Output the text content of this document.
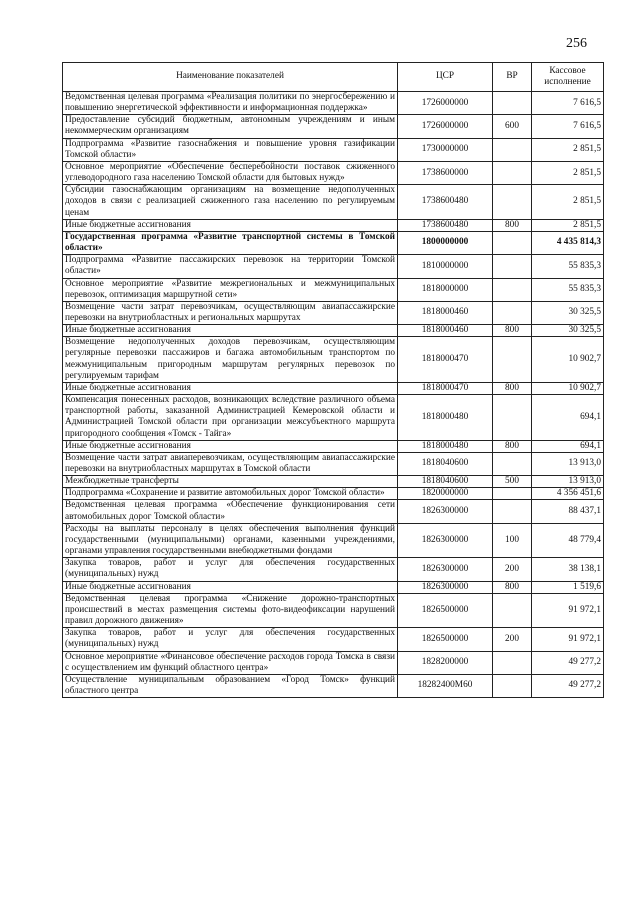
256
Наименование показателей	ЦСР	ВР	Кассовое исполнение
Ведомственная целевая программа «Реализация политики по энергосбережению и повышению энергетической эффективности и информационная поддержка»	1726000000		7 616,5
Предоставление субсидий бюджетным, автономным учреждениям и иным некоммерческим организациям	1726000000	600	7 616,5
Подпрограмма «Развитие газоснабжения и повышение уровня газификации Томской области»	1730000000		2 851,5
Основное мероприятие «Обеспечение бесперебойности поставок сжиженного углеводородного газа населению Томской области для бытовых нужд»	1738600000		2 851,5
Субсидии газоснабжающим организациям на возмещение недополученных доходов в связи с реализацией сжиженного газа населению по регулируемым ценам	1738600480		2 851,5
Иные бюджетные ассигнования	1738600480	800	2 851,5
Государственная программа «Развитие транспортной системы в Томской области»	1800000000		4 435 814,3
Подпрограмма «Развитие пассажирских перевозок на территории Томской области»	1810000000		55 835,3
Основное мероприятие «Развитие межрегиональных и межмуниципальных перевозок, оптимизация маршрутной сети»	1818000000		55 835,3
Возмещение части затрат перевозчикам, осуществляющим авиапассажирские перевозки на внутриобластных и региональных маршрутах	1818000460		30 325,5
Иные бюджетные ассигнования	1818000460	800	30 325,5
Возмещение недополученных доходов перевозчикам, осуществляющим регулярные перевозки пассажиров и багажа автомобильным транспортом по межмуниципальным пригородным маршрутам регулярных перевозок по регулируемым тарифам	1818000470		10 902,7
Иные бюджетные ассигнования	1818000470	800	10 902,7
Компенсация понесенных расходов, возникающих вследствие различного объема транспортной работы, заказанной Администрацией Кемеровской области и Администрацией Томской области при организации межсубъектного маршрута пригородного сообщения «Томск - Тайга»	1818000480		694,1
Иные бюджетные ассигнования	1818000480	800	694,1
Возмещение части затрат авиаперевозчикам, осуществляющим авиапассажирские перевозки на внутриобластных маршрутах в Томской области	1818040600		13 913,0
Межбюджетные трансферты	1818040600	500	13 913,0
Подпрограмма «Сохранение и развитие автомобильных дорог Томской области»	1820000000		4 356 451,6
Ведомственная целевая программа «Обеспечение функционирования сети автомобильных дорог Томской области»	1826300000		88 437,1
Расходы на выплаты персоналу в целях обеспечения выполнения функций государственными (муниципальными) органами, казенными учреждениями, органами управления государственными внебюджетными фондами	1826300000	100	48 779,4
Закупка товаров, работ и услуг для обеспечения государственных (муниципальных) нужд	1826300000	200	38 138,1
Иные бюджетные ассигнования	1826300000	800	1 519,6
Ведомственная целевая программа «Снижение дорожно-транспортных происшествий в местах размещения системы фото-видеофиксации нарушений правил дорожного движения»	1826500000		91 972,1
Закупка товаров, работ и услуг для обеспечения государственных (муниципальных) нужд	1826500000	200	91 972,1
Основное мероприятие «Финансовое обеспечение расходов города Томска в связи с осуществлением им функций областного центра»	1828200000		49 277,2
Осуществление муниципальным образованием «Город Томск» функций областного центра	18282400М60		49 277,2
